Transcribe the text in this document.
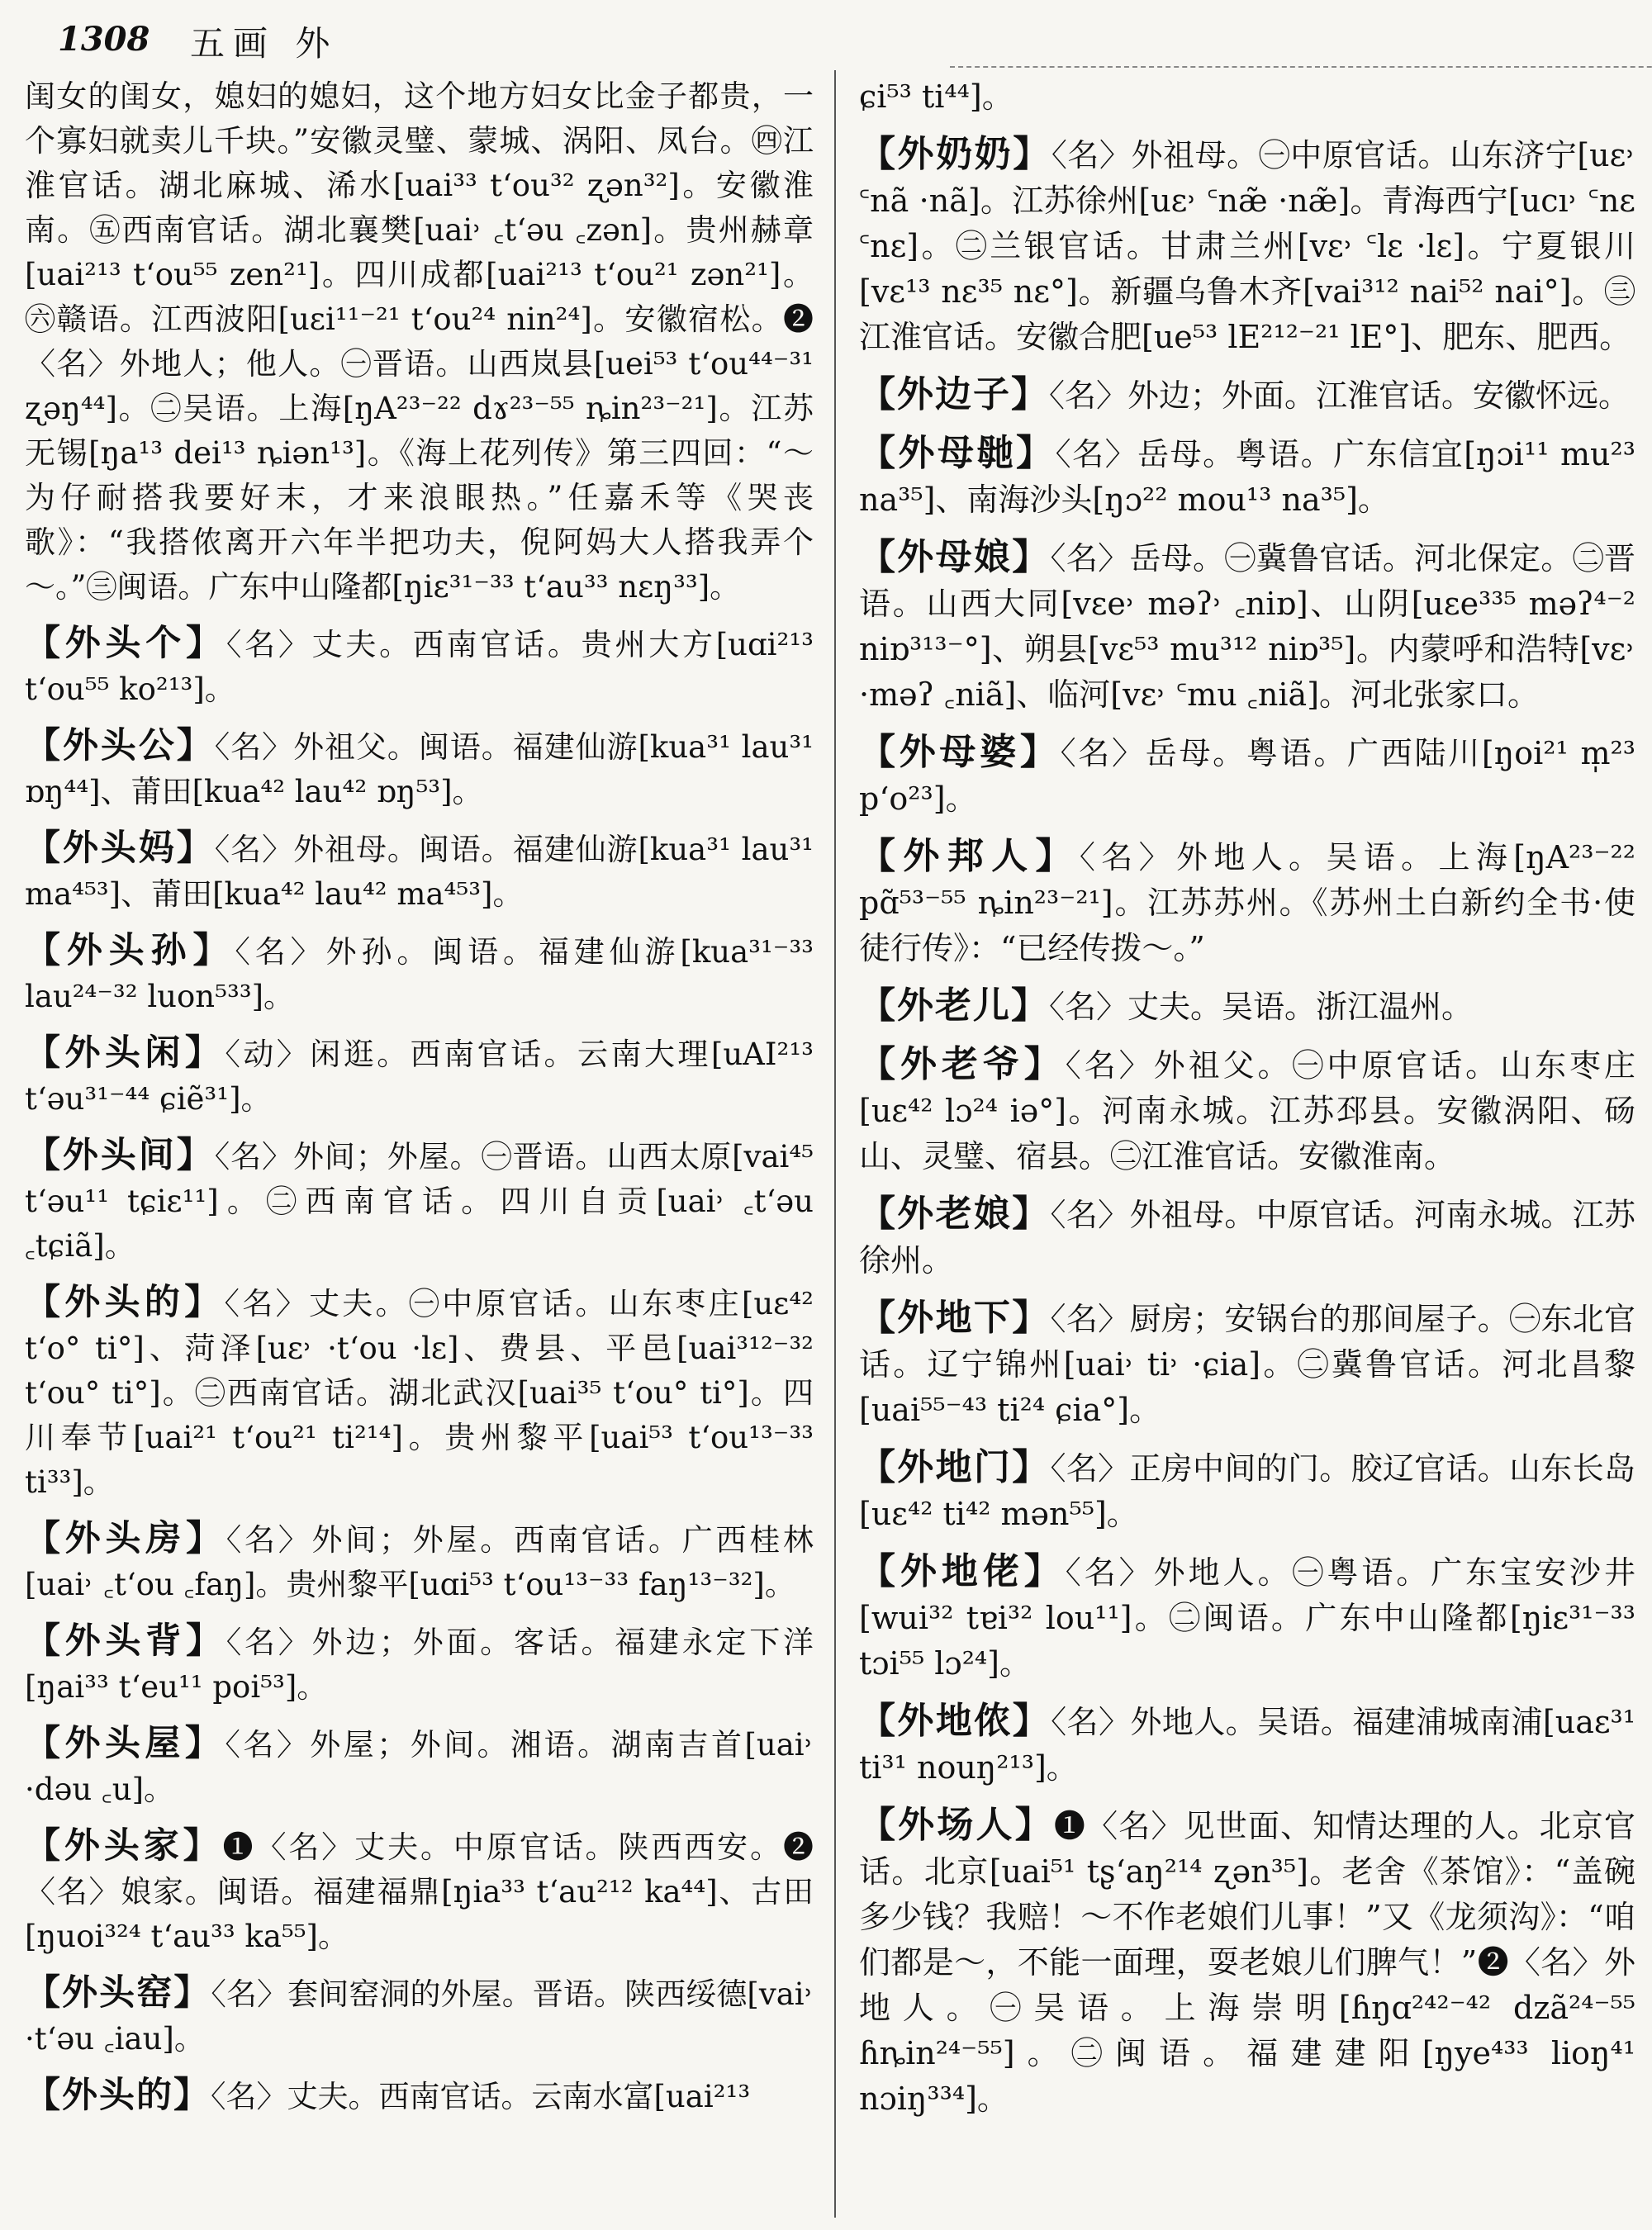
1308 五画 外
闺女的闺女，媳妇的媳妇，这个地方妇女比金子都贵，一个寡妇就卖儿千块。”安徽灵璧、蒙城、涡阳、凤台。㊃江淮官话。湖北麻城、浠水[uai³³ t‘ou³² ʐən³²]。安徽淮南。㊄西南官话。湖北襄樊[uai˒ ꜀t‘əu ꜀zən]。贵州赫章[uai²¹³ t‘ou⁵⁵ zen²¹]。四川成都[uai²¹³ t‘ou²¹ zən²¹]。㊅赣语。江西波阳[uɛi¹¹⁻²¹ t‘ou²⁴ nin²⁴]。安徽宿松。❷〈名〉外地人；他人。㊀晋语。山西岚县[uei⁵³ t‘ou⁴⁴⁻³¹ ʐəŋ⁴⁴]。㊁吴语。上海[ŋA²³⁻²² dɤ²³⁻⁵⁵ ȵin²³⁻²¹]。江苏无锡[ŋa¹³ dei¹³ ȵiən¹³]。《海上花列传》第三四回：“～为仔耐搭我要好末，才来浪眼热。”任嘉禾等《哭丧歌》：“我搭侬离开六年半把功夫，倪阿妈大人搭我弄个～。”㊂闽语。广东中山隆都[ŋiɛ³¹⁻³³ t‘au³³ nɛŋ³³]。
【外头个】〈名〉丈夫。西南官话。贵州大方[uɑi²¹³ t‘ou⁵⁵ ko²¹³]。
【外头公】〈名〉外祖父。闽语。福建仙游[kua³¹ lau³¹ ɒŋ⁴⁴]、莆田[kua⁴² lau⁴² ɒŋ⁵³]。
【外头妈】〈名〉外祖母。闽语。福建仙游[kua³¹ lau³¹ ma⁴⁵³]、莆田[kua⁴² lau⁴² ma⁴⁵³]。
【外头孙】〈名〉外孙。闽语。福建仙游[kua³¹⁻³³ lau²⁴⁻³² luon⁵³³]。
【外头闲】〈动〉闲逛。西南官话。云南大理[uAI²¹³ t‘əu³¹⁻⁴⁴ ɕiẽ³¹]。
【外头间】〈名〉外间；外屋。㊀晋语。山西太原[vai⁴⁵ t‘əu¹¹ tɕiɛ¹¹]。㊁西南官话。四川自贡[uai˒ ꜀t‘əu ꜀tɕiã]。
【外头的】〈名〉丈夫。㊀中原官话。山东枣庄[uɛ⁴² t‘o° ti°]、菏泽[uɛ˒ ·t‘ou ·lɛ]、费县、平邑[uai³¹²⁻³² t‘ou° ti°]。㊁西南官话。湖北武汉[uai³⁵ t‘ou° ti°]。四川奉节[uai²¹ t‘ou²¹ ti²¹⁴]。贵州黎平[uai⁵³ t‘ou¹³⁻³³ ti³³]。
【外头房】〈名〉外间；外屋。西南官话。广西桂林[uai˒ ꜀t‘ou ꜀faŋ]。贵州黎平[uɑi⁵³ t‘ou¹³⁻³³ faŋ¹³⁻³²]。
【外头背】〈名〉外边；外面。客话。福建永定下洋[ŋai³³ t‘eu¹¹ poi⁵³]。
【外头屋】〈名〉外屋；外间。湘语。湖南吉首[uai˒ ·dəu ꜀u]。
【外头家】❶〈名〉丈夫。中原官话。陕西西安。❷〈名〉娘家。闽语。福建福鼎[ŋia³³ t‘au²¹² ka⁴⁴]、古田[ŋuoi³²⁴ t‘au³³ ka⁵⁵]。
【外头窑】〈名〉套间窑洞的外屋。晋语。陕西绥德[vai˒ ·t‘əu ꜀iau]。
【外头的】〈名〉丈夫。西南官话。云南水富[uai²¹³
ɕi⁵³ ti⁴⁴]。
【外奶奶】〈名〉外祖母。㊀中原官话。山东济宁[uɛ˒ ꜂nã ·nã]。江苏徐州[uɛ˒ ꜂næ̃ ·næ̃]。青海西宁[ucı˒ ꜂nɛ ꜂nɛ]。㊁兰银官话。甘肃兰州[vɛ˒ ꜂lɛ ·lɛ]。宁夏银川[vɛ¹³ nɛ³⁵ nɛ°]。新疆乌鲁木齐[vai³¹² nai⁵² nai°]。㊂江淮官话。安徽合肥[ue⁵³ lE²¹²⁻²¹ lE°]、肥东、肥西。
【外边子】〈名〉外边；外面。江淮官话。安徽怀远。
【外母毑】〈名〉岳母。粤语。广东信宜[ŋɔi¹¹ mu²³ na³⁵]、南海沙头[ŋɔ²² mou¹³ na³⁵]。
【外母娘】〈名〉岳母。㊀冀鲁官话。河北保定。㊁晋语。山西大同[vɛe˒ məʔ˒ ꜀niɒ]、山阴[uɛe³³⁵ məʔ⁴⁻² niɒ³¹³⁻°]、朔县[vɛ⁵³ mu³¹² niɒ³⁵]。内蒙呼和浩特[vɛ˒ ·məʔ ꜀niã]、临河[vɛ˒ ꜂mu ꜀niã]。河北张家口。
【外母婆】〈名〉岳母。粤语。广西陆川[ŋoi²¹ m̩²³ p‘o²³]。
【外邦人】〈名〉外地人。吴语。上海[ŋA²³⁻²² pɑ̃⁵³⁻⁵⁵ ȵin²³⁻²¹]。江苏苏州。《苏州土白新约全书·使徒行传》：“已经传拨～。”
【外老儿】〈名〉丈夫。吴语。浙江温州。
【外老爷】〈名〉外祖父。㊀中原官话。山东枣庄[uɛ⁴² lɔ²⁴ iə°]。河南永城。江苏邳县。安徽涡阳、砀山、灵璧、宿县。㊁江淮官话。安徽淮南。
【外老娘】〈名〉外祖母。中原官话。河南永城。江苏徐州。
【外地下】〈名〉厨房；安锅台的那间屋子。㊀东北官话。辽宁锦州[uai˒ ti˒ ·ɕia]。㊁冀鲁官话。河北昌黎[uai⁵⁵⁻⁴³ ti²⁴ ɕia°]。
【外地门】〈名〉正房中间的门。胶辽官话。山东长岛[uɛ⁴² ti⁴² mən⁵⁵]。
【外地佬】〈名〉外地人。㊀粤语。广东宝安沙井[wui³² tɐi³² lou¹¹]。㊁闽语。广东中山隆都[ŋiɛ³¹⁻³³ tɔi⁵⁵ lɔ²⁴]。
【外地侬】〈名〉外地人。吴语。福建浦城南浦[uaɛ³¹ ti³¹ nouŋ²¹³]。
【外场人】❶〈名〉见世面、知情达理的人。北京官话。北京[uai⁵¹ tʂ‘aŋ²¹⁴ ʐən³⁵]。老舍《茶馆》：“盖碗多少钱？我赔！～不作老娘们儿事！”又《龙须沟》：“咱们都是～，不能一面理，耍老娘儿们脾气！”❷〈名〉外地人。㊀吴语。上海崇明[ɦŋɑ²⁴²⁻⁴² dzã²⁴⁻⁵⁵ ɦȵin²⁴⁻⁵⁵]。㊁闽语。福建建阳[ŋye⁴³³ lioŋ⁴¹ nɔiŋ³³⁴]。
